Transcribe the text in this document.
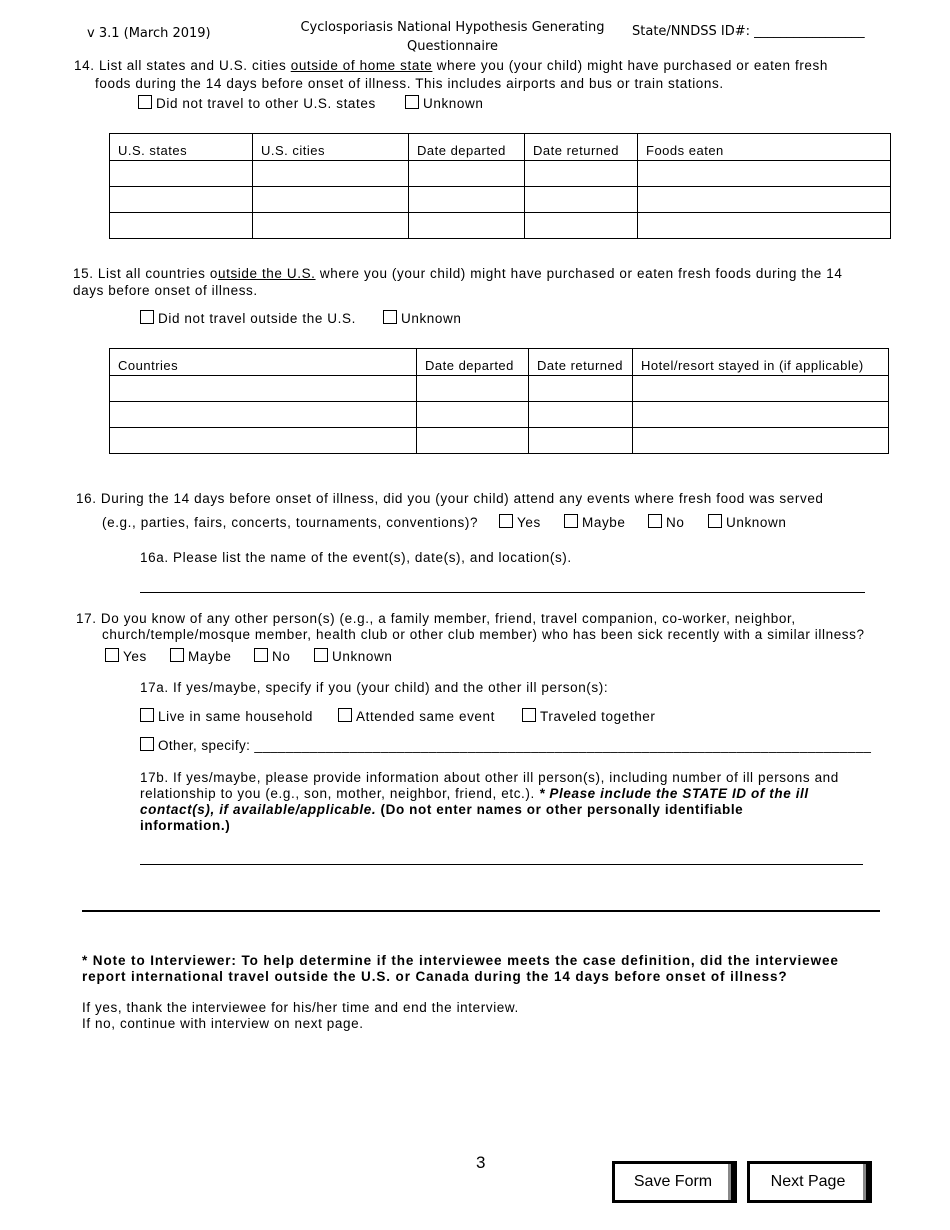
v 3.1 (March 2019)	Cyclosporiasis National Hypothesis Generating
Questionnaire
State/NNDSS ID#: _________________
14. List all states and U.S. cities outside of home state where you (your child) might have purchased or eaten fresh
foods during the 14 days before onset of illness. This includes airports and bus or train stations.
Did not travel to other U.S. states	Unknown
U.S. states	U.S. cities	Date departed	Date returned	Foods eaten

15. List all countries outside the U.S. where you (your child) might have purchased or eaten fresh foods during the 14
days before onset of illness.
Did not travel outside the U.S.	Unknown
Countries	Date departed	Date returned	Hotel/resort stayed in (if applicable)

16. During the 14 days before onset of illness, did you (your child) attend any events where fresh food was served
(e.g., parties, fairs, concerts, tournaments, conventions)?	Yes	Maybe	No	Unknown
16a. Please list the name of the event(s), date(s), and location(s).
17. Do you know of any other person(s) (e.g., a family member, friend, travel companion, co-worker, neighbor,
church/temple/mosque member, health club or other club member) who has been sick recently with a similar illness?
Yes	Maybe	No	Unknown
17a. If yes/maybe, specify if you (your child) and the other ill person(s):
Live in same household	Attended same event	Traveled together
Other, specify: ______________________________________________________________________________
17b. If yes/maybe, please provide information about other ill person(s), including number of ill persons and
relationship to you (e.g., son, mother, neighbor, friend, etc.). * Please include the STATE ID of the ill
contact(s), if available/applicable. (Do not enter names or other personally identifiable
information.)
* Note to Interviewer: To help determine if the interviewee meets the case definition, did the interviewee
report international travel outside the U.S. or Canada during the 14 days before onset of illness?
If yes, thank the interviewee for his/her time and end the interview.
If no, continue with interview on next page.
3
Save Form	Next Page
